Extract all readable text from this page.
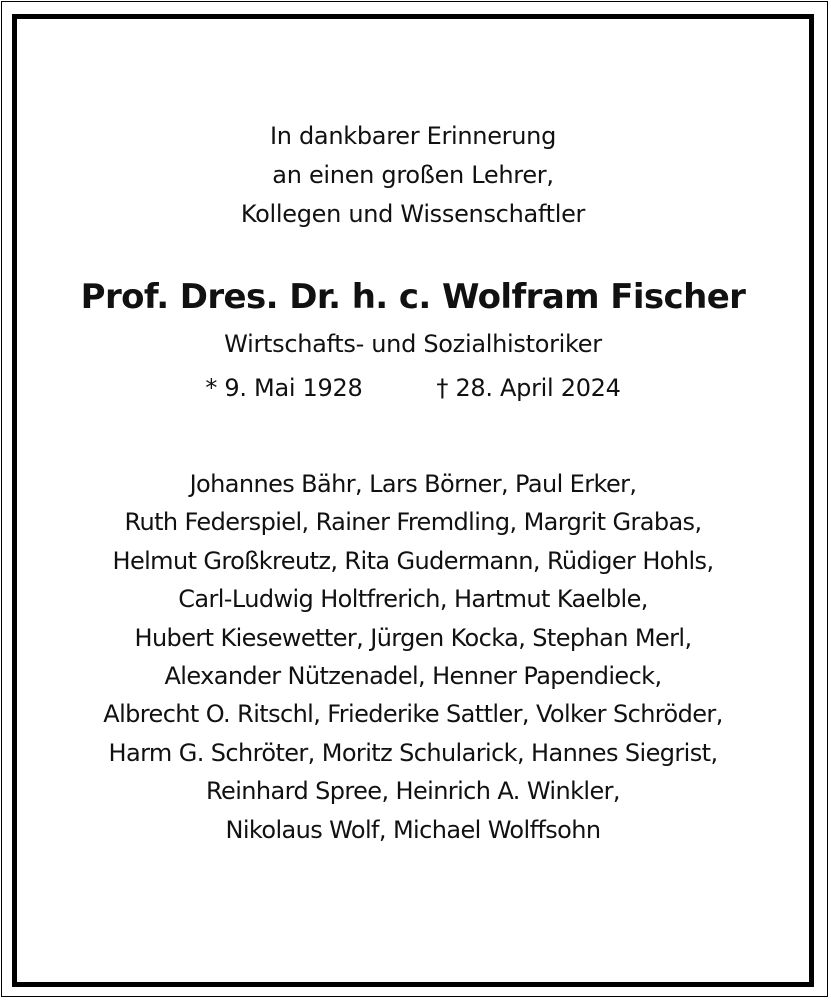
In dankbarer Erinnerung
an einen großen Lehrer,
Kollegen und Wissenschaftler

Prof. Dres. Dr. h. c. Wolfram Fischer

Wirtschafts- und Sozialhistoriker

* 9. Mai 1928	† 28. April 2024

Johannes Bähr, Lars Börner, Paul Erker,
Ruth Federspiel, Rainer Fremdling, Margrit Grabas,
Helmut Großkreutz, Rita Gudermann, Rüdiger Hohls,
Carl-Ludwig Holtfrerich, Hartmut Kaelble,
Hubert Kiesewetter, Jürgen Kocka, Stephan Merl,
Alexander Nützenadel, Henner Papendieck,
Albrecht O. Ritschl, Friederike Sattler, Volker Schröder,
Harm G. Schröter, Moritz Schularick, Hannes Siegrist,
Reinhard Spree, Heinrich A. Winkler,
Nikolaus Wolf, Michael Wolffsohn
